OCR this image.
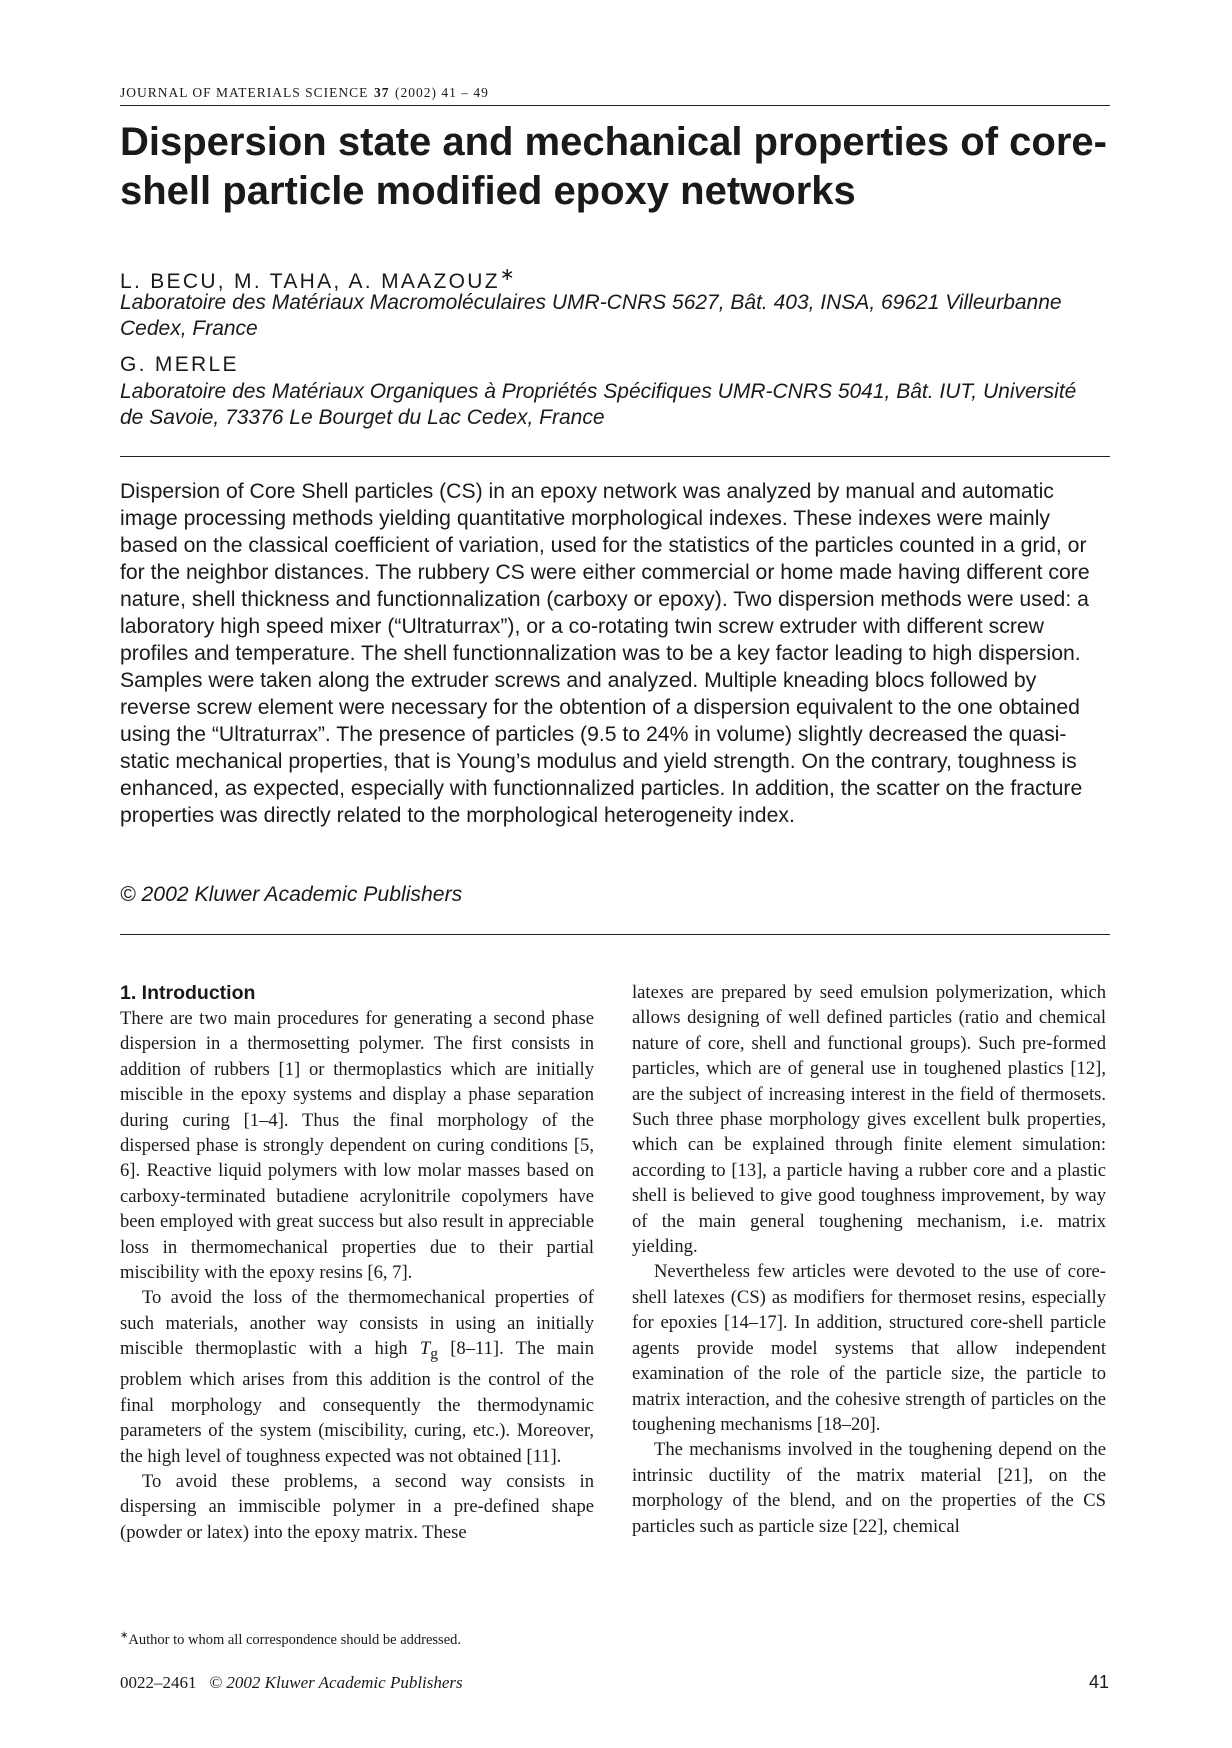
JOURNAL OF MATERIALS SCIENCE 37 (2002) 41 – 49
Dispersion state and mechanical properties of core-shell particle modified epoxy networks
L. BECU, M. TAHA, A. MAAZOUZ∗

Laboratoire des Matériaux Macromoléculaires UMR-CNRS 5627, Bât. 403, INSA, 69621 Villeurbanne Cedex, France

G. MERLE

Laboratoire des Matériaux Organiques à Propriétés Spécifiques UMR-CNRS 5041, Bât. IUT, Université de Savoie, 73376 Le Bourget du Lac Cedex, France

Dispersion of Core Shell particles (CS) in an epoxy network was analyzed by manual and automatic image processing methods yielding quantitative morphological indexes. These indexes were mainly based on the classical coefficient of variation, used for the statistics of the particles counted in a grid, or for the neighbor distances. The rubbery CS were either commercial or home made having different core nature, shell thickness and functionnalization (carboxy or epoxy). Two dispersion methods were used: a laboratory high speed mixer (“Ultraturrax”), or a co-rotating twin screw extruder with different screw profiles and temperature. The shell functionnalization was to be a key factor leading to high dispersion. Samples were taken along the extruder screws and analyzed. Multiple kneading blocs followed by reverse screw element were necessary for the obtention of a dispersion equivalent to the one obtained using the “Ultraturrax”. The presence of particles (9.5 to 24% in volume) slightly decreased the quasi-static mechanical properties, that is Young’s modulus and yield strength. On the contrary, toughness is enhanced, as expected, especially with functionnalized particles. In addition, the scatter on the fracture properties was directly related to the morphological heterogeneity index.

© 2002 Kluwer Academic Publishers
1. Introduction

There are two main procedures for generating a second phase dispersion in a thermosetting polymer. The first consists in addition of rubbers [1] or thermoplastics which are initially miscible in the epoxy systems and display a phase separation during curing [1–4]. Thus the final morphology of the dispersed phase is strongly dependent on curing conditions [5, 6]. Reactive liquid polymers with low molar masses based on carboxy-terminated butadiene acrylonitrile copolymers have been employed with great success but also result in appreciable loss in thermomechanical properties due to their partial miscibility with the epoxy resins [6, 7].

To avoid the loss of the thermomechanical properties of such materials, another way consists in using an initially miscible thermoplastic with a high $T_g$ [8–11]. The main problem which arises from this addition is the control of the final morphology and consequently the thermodynamic parameters of the system (miscibility, curing, etc.). Moreover, the high level of toughness expected was not obtained [11].

To avoid these problems, a second way consists in dispersing an immiscible polymer in a pre-defined shape (powder or latex) into the epoxy matrix. These

latexes are prepared by seed emulsion polymerization, which allows designing of well defined particles (ratio and chemical nature of core, shell and functional groups). Such pre-formed particles, which are of general use in toughened plastics [12], are the subject of increasing interest in the field of thermosets. Such three phase morphology gives excellent bulk properties, which can be explained through finite element simulation: according to [13], a particle having a rubber core and a plastic shell is believed to give good toughness improvement, by way of the main general toughening mechanism, i.e. matrix yielding.

Nevertheless few articles were devoted to the use of core-shell latexes (CS) as modifiers for thermoset resins, especially for epoxies [14–17]. In addition, structured core-shell particle agents provide model systems that allow independent examination of the role of the particle size, the particle to matrix interaction, and the cohesive strength of particles on the toughening mechanisms [18–20].

The mechanisms involved in the toughening depend on the intrinsic ductility of the matrix material [21], on the morphology of the blend, and on the properties of the CS particles such as particle size [22], chemical

∗Author to whom all correspondence should be addressed.
0022–2461 © 2002 Kluwer Academic Publishers	41
